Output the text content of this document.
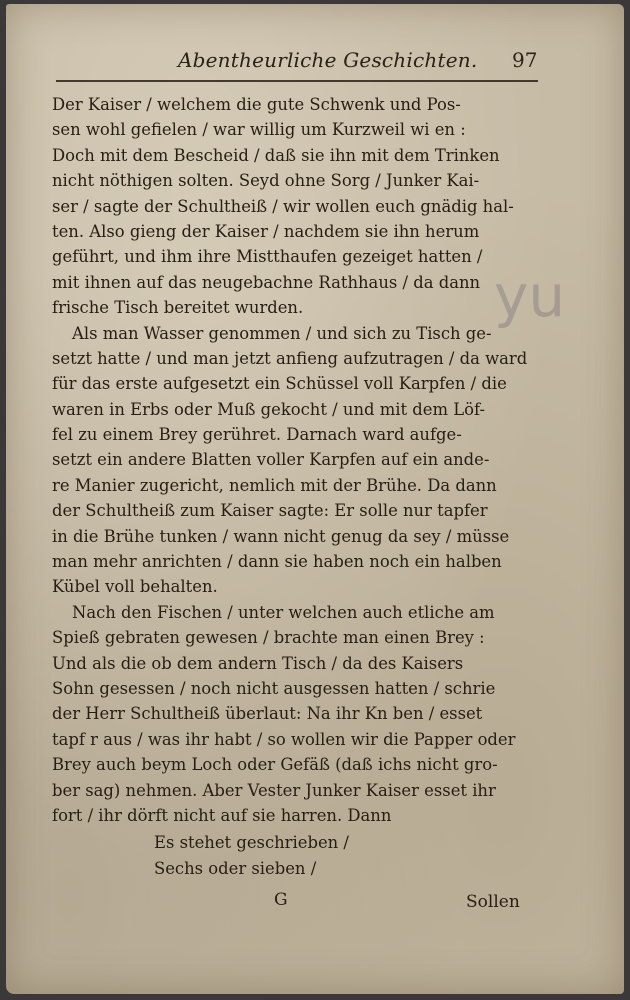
yu
Abentheurliche Geschichten. 97
Der Kaiser / welchem die gute Schwenk und Pos-
sen wohl gefielen / war willig um Kurzweil wi en :
Doch mit dem Bescheid / daß sie ihn mit dem Trinken
nicht nöthigen solten. Seyd ohne Sorg / Junker Kai-
ser / sagte der Schultheiß / wir wollen euch gnädig hal-
ten. Also gieng der Kaiser / nachdem sie ihn herum
geführt, und ihm ihre Mistthaufen gezeiget hatten /
mit ihnen auf das neugebachne Rathhaus / da dann
frische Tisch bereitet wurden.
Als man Wasser genommen / und sich zu Tisch ge-
setzt hatte / und man jetzt anfieng aufzutragen / da ward
für das erste aufgesetzt ein Schüssel voll Karpfen / die
waren in Erbs oder Muß gekocht / und mit dem Löf-
fel zu einem Brey gerühret. Darnach ward aufge-
setzt ein andere Blatten voller Karpfen auf ein ande-
re Manier zugericht, nemlich mit der Brühe. Da dann
der Schultheiß zum Kaiser sagte: Er solle nur tapfer
in die Brühe tunken / wann nicht genug da sey / müsse
man mehr anrichten / dann sie haben noch ein halben
Kübel voll behalten.
Nach den Fischen / unter welchen auch etliche am
Spieß gebraten gewesen / brachte man einen Brey :
Und als die ob dem andern Tisch / da des Kaisers
Sohn gesessen / noch nicht ausgessen hatten / schrie
der Herr Schultheiß überlaut: Na ihr Kn ben / esset
tapf r aus / was ihr habt / so wollen wir die Papper oder
Brey auch beym Loch oder Gefäß (daß ichs nicht gro-
ber sag) nehmen. Aber Vester Junker Kaiser esset ihr
fort / ihr dörft nicht auf sie harren. Dann
Es stehet geschrieben /
Sechs oder sieben /
G	Sollen
